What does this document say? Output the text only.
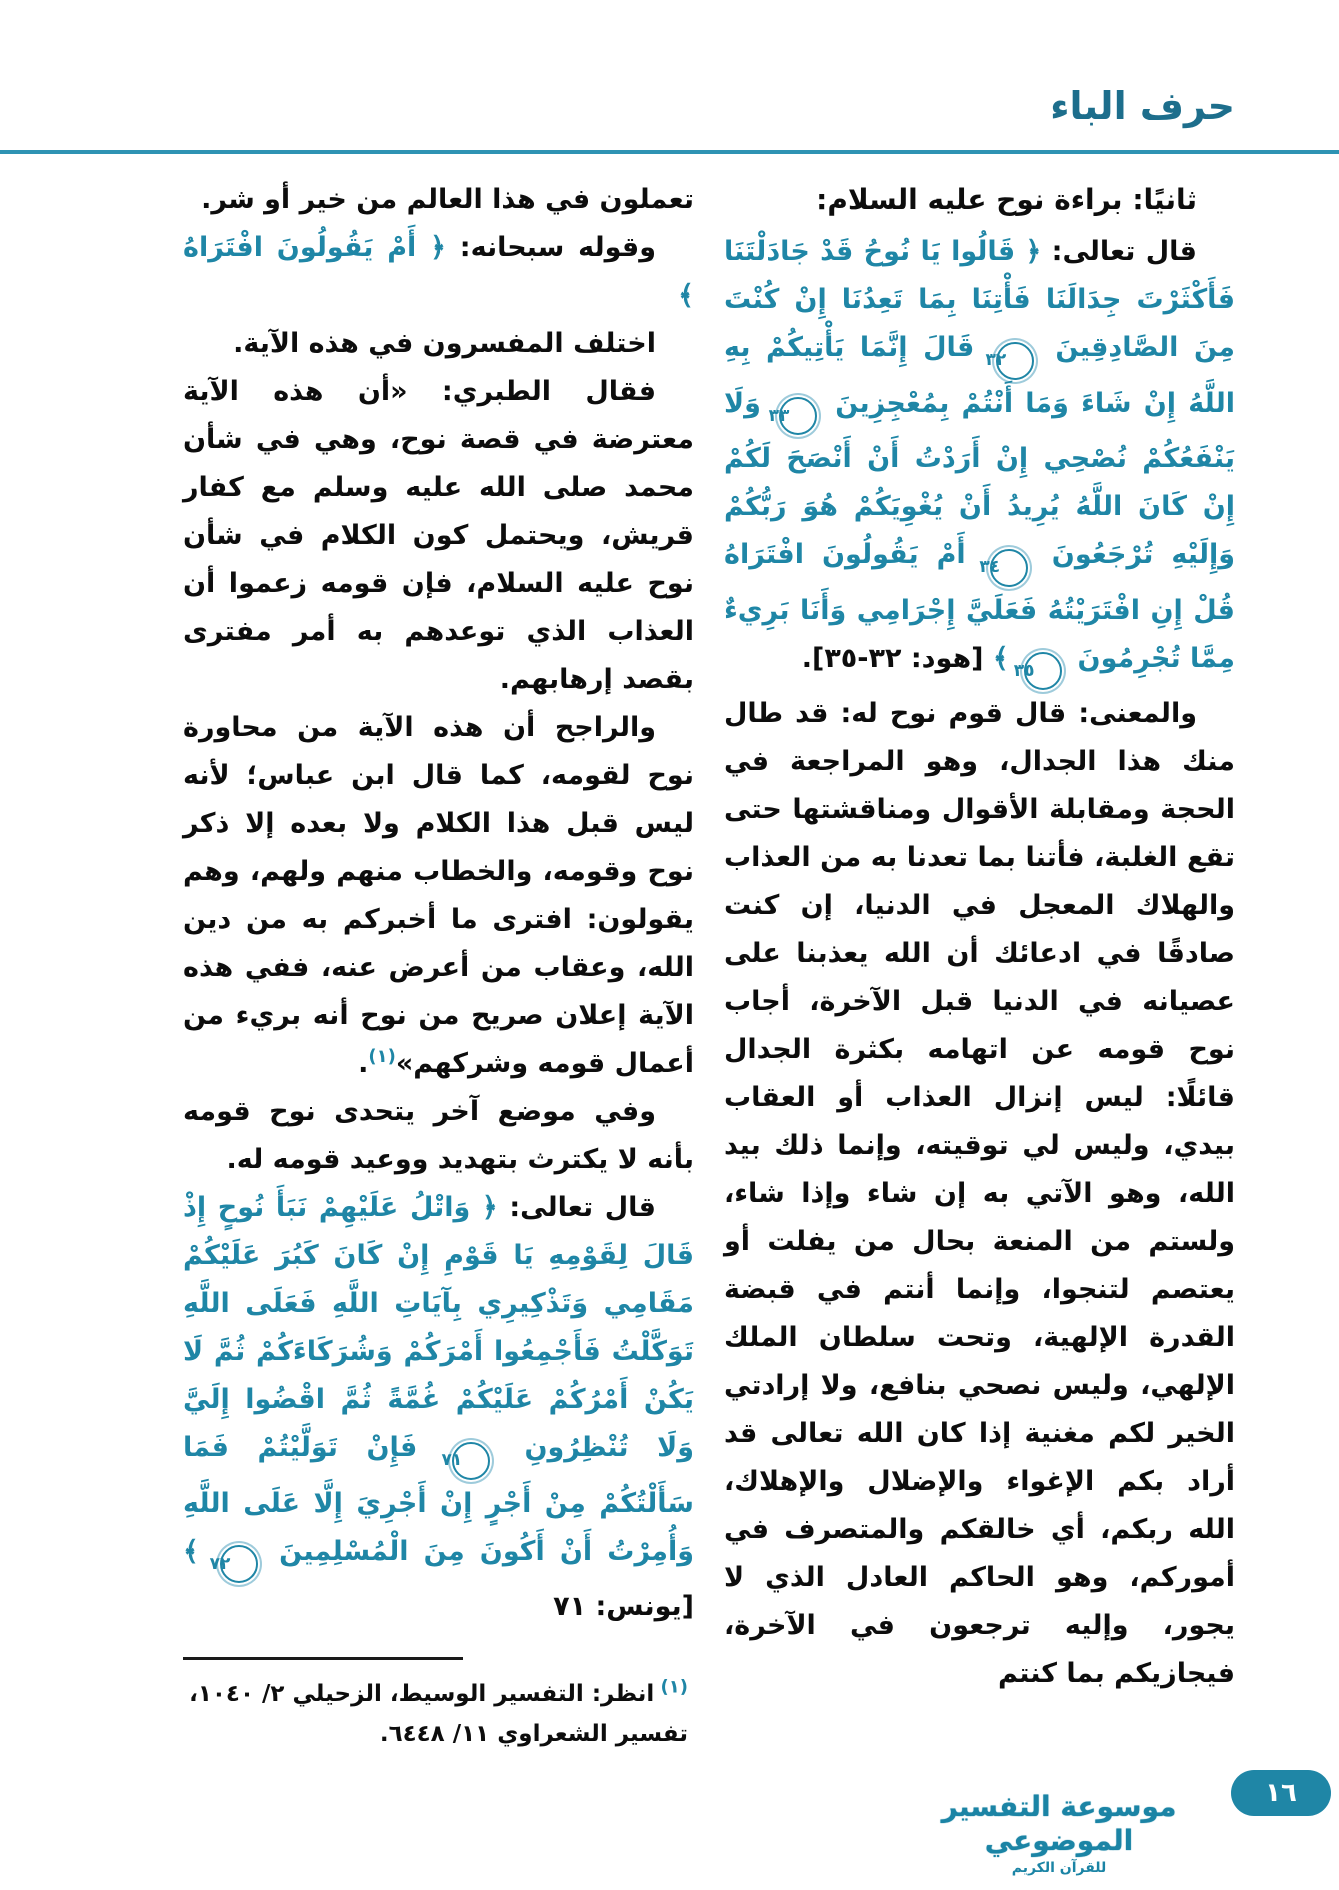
حرف الباء

ثانيًا: براءة نوح عليه السلام:

قال تعالى: ﴿ قَالُوا يَا نُوحُ قَدْ جَادَلْتَنَا فَأَكْثَرْتَ جِدَالَنَا فَأْتِنَا بِمَا تَعِدُنَا إِنْ كُنْتَ مِنَ الصَّادِقِينَ ٣٢ قَالَ إِنَّمَا يَأْتِيكُمْ بِهِ اللَّهُ إِنْ شَاءَ وَمَا أَنْتُمْ بِمُعْجِزِينَ ٣٣ وَلَا يَنْفَعُكُمْ نُصْحِي إِنْ أَرَدْتُ أَنْ أَنْصَحَ لَكُمْ إِنْ كَانَ اللَّهُ يُرِيدُ أَنْ يُغْوِيَكُمْ هُوَ رَبُّكُمْ وَإِلَيْهِ تُرْجَعُونَ ٣٤ أَمْ يَقُولُونَ افْتَرَاهُ قُلْ إِنِ افْتَرَيْتُهُ فَعَلَيَّ إِجْرَامِي وَأَنَا بَرِيءٌ مِمَّا تُجْرِمُونَ ٣٥ ﴾ [هود: ٣٢-٣٥].

والمعنى: قال قوم نوح له: قد طال منك هذا الجدال، وهو المراجعة في الحجة ومقابلة الأقوال ومناقشتها حتى تقع الغلبة، فأتنا بما تعدنا به من العذاب والهلاك المعجل في الدنيا، إن كنت صادقًا في ادعائك أن الله يعذبنا على عصيانه في الدنيا قبل الآخرة، أجاب نوح قومه عن اتهامه بكثرة الجدال قائلًا: ليس إنزال العذاب أو العقاب بيدي، وليس لي توقيته، وإنما ذلك بيد الله، وهو الآتي به إن شاء وإذا شاء، ولستم من المنعة بحال من يفلت أو يعتصم لتنجوا، وإنما أنتم في قبضة القدرة الإلهية، وتحت سلطان الملك الإلهي، وليس نصحي بنافع، ولا إرادتي الخير لكم مغنية إذا كان الله تعالى قد أراد بكم الإغواء والإضلال والإهلاك، الله ربكم، أي خالقكم والمتصرف في أموركم، وهو الحاكم العادل الذي لا يجور، وإليه ترجعون في الآخرة، فيجازيكم بما كنتم

تعملون في هذا العالم من خير أو شر.

وقوله سبحانه: ﴿ أَمْ يَقُولُونَ افْتَرَاهُ ﴾

اختلف المفسرون في هذه الآية.

فقال الطبري: «أن هذه الآية معترضة في قصة نوح، وهي في شأن محمد صلى الله عليه وسلم مع كفار قريش، ويحتمل كون الكلام في شأن نوح عليه السلام، فإن قومه زعموا أن العذاب الذي توعدهم به أمر مفترى بقصد إرهابهم.

والراجح أن هذه الآية من محاورة نوح لقومه، كما قال ابن عباس؛ لأنه ليس قبل هذا الكلام ولا بعده إلا ذكر نوح وقومه، والخطاب منهم ولهم، وهم يقولون: افترى ما أخبركم به من دين الله، وعقاب من أعرض عنه، ففي هذه الآية إعلان صريح من نوح أنه بريء من أعمال قومه وشركهم»$^{(١)}$.

وفي موضع آخر يتحدى نوح قومه بأنه لا يكترث بتهديد ووعيد قومه له.

قال تعالى: ﴿ وَاتْلُ عَلَيْهِمْ نَبَأَ نُوحٍ إِذْ قَالَ لِقَوْمِهِ يَا قَوْمِ إِنْ كَانَ كَبُرَ عَلَيْكُمْ مَقَامِي وَتَذْكِيرِي بِآيَاتِ اللَّهِ فَعَلَى اللَّهِ تَوَكَّلْتُ فَأَجْمِعُوا أَمْرَكُمْ وَشُرَكَاءَكُمْ ثُمَّ لَا يَكُنْ أَمْرُكُمْ عَلَيْكُمْ غُمَّةً ثُمَّ اقْضُوا إِلَيَّ وَلَا تُنْظِرُونِ ٧١ فَإِنْ تَوَلَّيْتُمْ فَمَا سَأَلْتُكُمْ مِنْ أَجْرٍ إِنْ أَجْرِيَ إِلَّا عَلَى اللَّهِ وَأُمِرْتُ أَنْ أَكُونَ مِنَ الْمُسْلِمِينَ ٧٢ ﴾ [يونس: ٧١

$^{(١)}$ انظر: التفسير الوسيط، الزحيلي ٢/ ١٠٤٠، تفسير الشعراوي ١١/ ٦٤٤٨.

موسوعة التفسير الموضوعي
للقرآن الكريم
١٦
